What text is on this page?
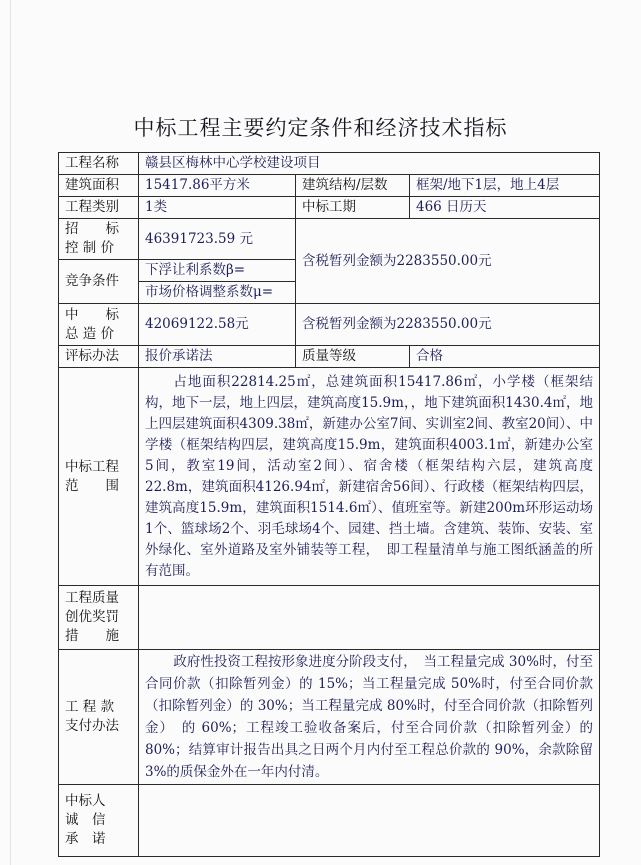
中标工程主要约定条件和经济技术指标
工程名称	赣县区梅林中心学校建设项目		
建筑面积	15417.86平方米	建筑结构/层数	框架/地下1层，地上4层
工程类别	1类	中标工期	466 日历天

招　　标
控 制 价	46391723.59 元	含税暂列金额为2283550.00元	
竞争条件	下浮让利系数β=		
	市场价格调整系数μ=		

中　　标
总 造 价	42069122.58元	含税暂列金额为2283550.00元	
评标办法	报价承诺法	质量等级	合格

中标工程
范　　围	占地面积22814.25㎡，总建筑面积15417.86㎡，小学楼（框架结构，地下一层，地上四层，建筑高度15.9m，，地下建筑面积1430.4㎡，地上四层建筑面积4309.38㎡，新建办公室7间、实训室2间、教室20间）、中学楼（框架结构四层，建筑高度15.9m，建筑面积4003.1㎡，新建办公室5间，教室19间，活动室2间）、宿舍楼（框架结构六层，建筑高度22.8m，建筑面积4126.94㎡，新建宿舍56间）、行政楼（框架结构四层，建筑高度15.9m，建筑面积1514.6㎡）、值班室等。新建200m环形运动场1个、篮球场2个、羽毛球场4个、园建、挡土墙。含建筑、装饰、安装、室外绿化、室外道路及室外铺装等工程，　即工程量清单与施工图纸涵盖的所有范围。		

工程质量
创优奖罚
措　　施			

工 程 款
支付办法	政府性投资工程按形象进度分阶段支付，　当工程量完成 30%时，付至合同价款（扣除暂列金）的 15%；当工程量完成 50%时，付至合同价款（扣除暂列金）的 30%；当工程量完成 80%时，付至合同价款（扣除暂列金）　的 60%；工程竣工验收备案后，付至合同价款（扣除暂列金）的 80%；结算审计报告出具之日两个月内付至工程总价款的 90%，余款除留 3%的质保金外在一年内付清。		

中标人
诚　信
承　诺			
